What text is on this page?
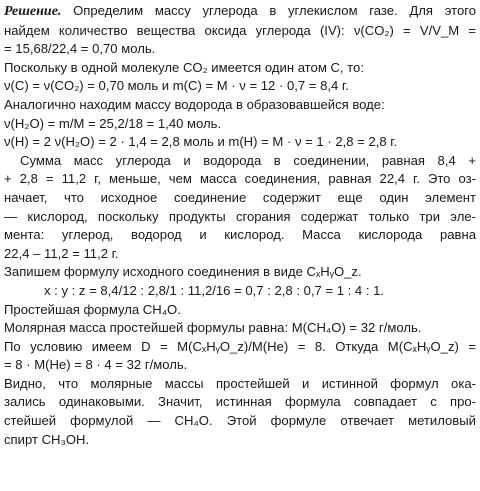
Решение. Определим массу углерода в углекислом газе. Для этого

найдем количество вещества оксида углерода (IV): ν(CO₂) = V/V_M =

= 15,68/22,4 = 0,70 моль.

Поскольку в одной молекуле CO₂ имеется один атом C, то:

ν(C) = ν(CO₂) = 0,70 моль и m(C) = M · ν = 12 · 0,7 = 8,4 г.

Аналогично находим массу водорода в образовавшейся воде:

ν(H₂O) = m/M = 25,2/18 = 1,40 моль.

ν(H) = 2 ν(H₂O) = 2 · 1,4 = 2,8 моль и m(H) = M · ν = 1 · 2,8 = 2,8 г.

Сумма масс углерода и водорода в соединении, равная 8,4 +

+ 2,8 = 11,2 г, меньше, чем масса соединения, равная 22,4 г. Это оз-

начает, что исходное соединение содержит еще один элемент

— кислород, поскольку продукты сгорания содержат только три эле-

мента: углерод, водород и кислород. Масса кислорода равна

22,4 – 11,2 = 11,2 г.

Запишем формулу исходного соединения в виде CₓHᵧO_z.

x : y : z = 8,4/12 : 2,8/1 : 11,2/16 = 0,7 : 2,8 : 0,7 = 1 : 4 : 1.

Простейшая формула CH₄O.

Молярная масса простейшей формулы равна: M(CH₄O) = 32 г/моль.

По условию имеем D = M(CₓHᵧO_z)/M(He) = 8. Откуда M(CₓHᵧO_z) =

= 8 · M(He) = 8 · 4 = 32 г/моль.

Видно, что молярные массы простейшей и истинной формул ока-

зались одинаковыми. Значит, истинная формула совпадает с про-

стейшей формулой — CH₄O. Этой формуле отвечает метиловый

спирт CH₃OH.
